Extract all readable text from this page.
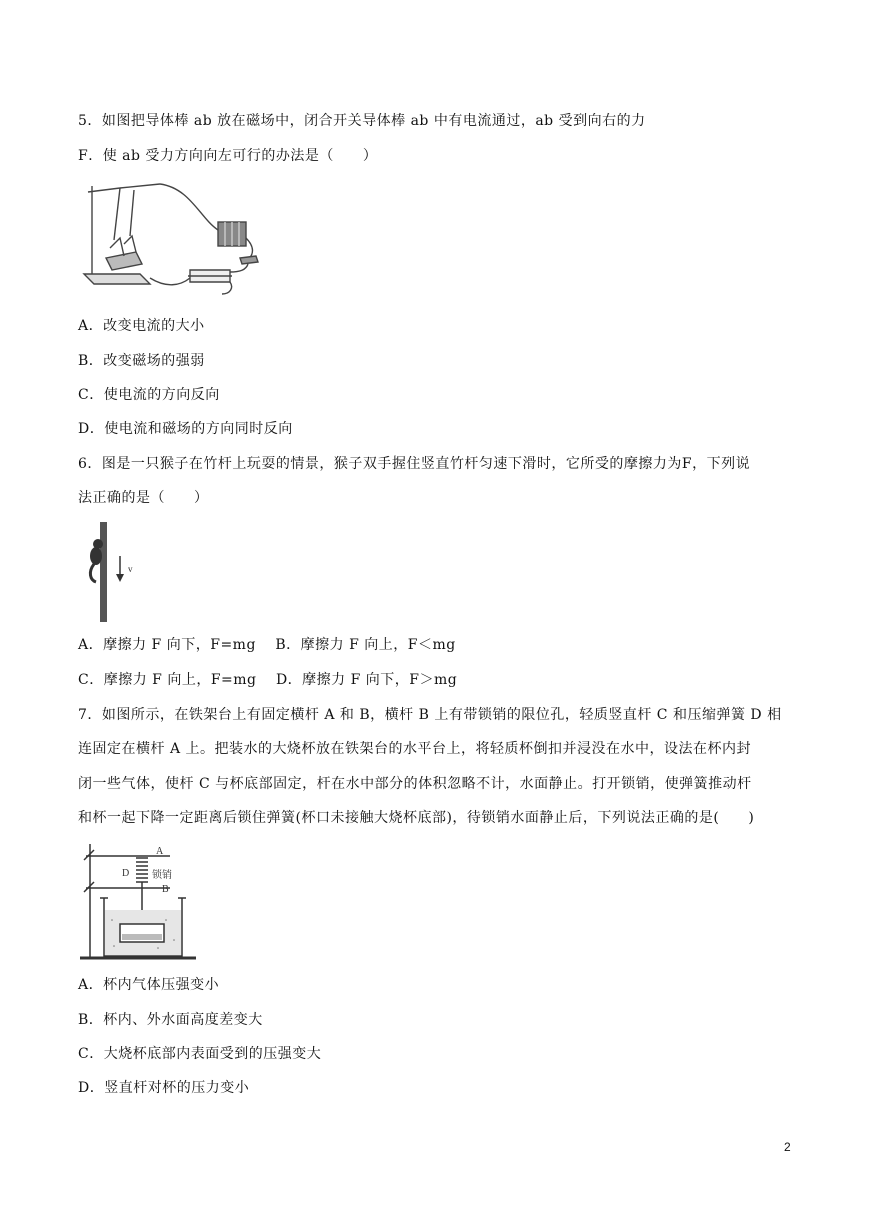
5．如图把导体棒 ab 放在磁场中，闭合开关导体棒 ab 中有电流通过，ab 受到向右的力
F．使 ab 受力方向向左可行的办法是（　　）
A．改变电流的大小
B．改变磁场的强弱
C．使电流的方向反向
D．使电流和磁场的方向同时反向
6．图是一只猴子在竹杆上玩耍的情景，猴子双手握住竖直竹杆匀速下滑时，它所受的摩擦力为F，下列说
法正确的是（　　）
v
A．摩擦力 F 向下，F=mg　 B．摩擦力 F 向上，F＜mg
C．摩擦力 F 向上，F=mg　 D．摩擦力 F 向下，F＞mg
7．如图所示，在铁架台上有固定横杆 A 和 B，横杆 B 上有带锁销的限位孔，轻质竖直杆 C 和压缩弹簧 D 相
连固定在横杆 A 上。把装水的大烧杯放在铁架台的水平台上，将轻质杯倒扣并浸没在水中，设法在杯内封
闭一些气体，使杆 C 与杯底部固定，杆在水中部分的体积忽略不计，水面静止。打开锁销，使弹簧推动杆
和杯一起下降一定距离后锁住弹簧(杯口未接触大烧杯底部)，待锁销水面静止后，下列说法正确的是(　　)
A
D 锁销
B
A．杯内气体压强变小
B．杯内、外水面高度差变大
C．大烧杯底部内表面受到的压强变大
D．竖直杆对杯的压力变小
2
